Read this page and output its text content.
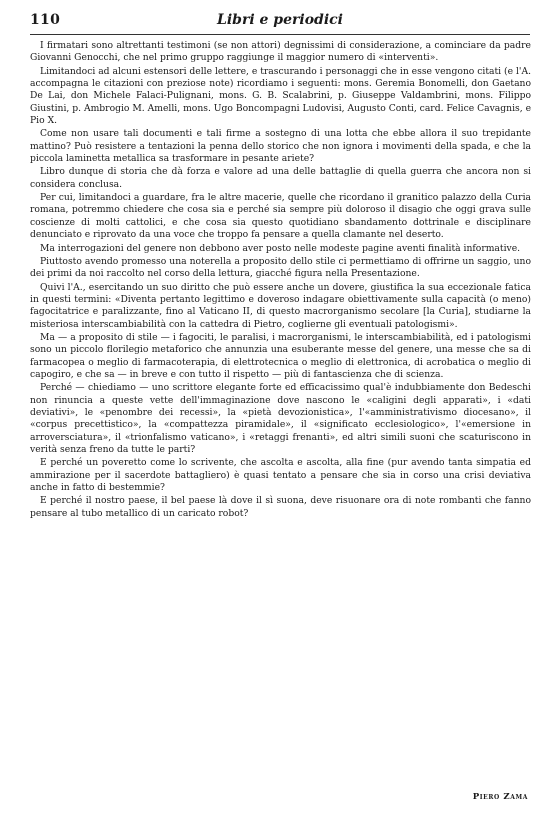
110	Libri e periodici

I firmatari sono altrettanti testimoni (se non attori) degnissimi di considerazione, a cominciare da padre Giovanni Genocchi, che nel primo gruppo raggiunge il maggior numero di «interventi».

Limitandoci ad alcuni estensori delle lettere, e trascurando i personaggi che in esse vengono citati (e l'A. accompagna le citazioni con preziose note) ricordiamo i seguenti: mons. Geremia Bonomelli, don Gaetano De Lai, don Michele Falaci-Pulignani, mons. G. B. Scalabrini, p. Giuseppe Valdambrini, mons. Filippo Giustini, p. Ambrogio M. Amelli, mons. Ugo Boncompagni Ludovisi, Augusto Conti, card. Felice Cavagnis, e Pio X.

Come non usare tali documenti e tali firme a sostegno di una lotta che ebbe allora il suo trepidante mattino? Può resistere a tentazioni la penna dello storico che non ignora i movimenti della spada, e che la piccola laminetta metallica sa trasformare in pesante ariete?

Libro dunque di storia che dà forza e valore ad una delle battaglie di quella guerra che ancora non si considera conclusa.

Per cui, limitandoci a guardare, fra le altre macerie, quelle che ricordano il granitico palazzo della Curia romana, potremmo chiedere che cosa sia e perché sia sempre più doloroso il disagio che oggi grava sulle coscienze di molti cattolici, e che cosa sia questo quotidiano sbandamento dottrinale e disciplinare denunciato e riprovato da una voce che troppo fa pensare a quella clamante nel deserto.

Ma interrogazioni del genere non debbono aver posto nelle modeste pagine aventi finalità informative.

Piuttosto avendo promesso una noterella a proposito dello stile ci permettiamo di offrirne un saggio, uno dei primi da noi raccolto nel corso della lettura, giacché figura nella Presentazione.

Quivi l'A., esercitando un suo diritto che può essere anche un dovere, giustifica la sua eccezionale fatica in questi termini: «Diventa pertanto legittimo e doveroso indagare obiettivamente sulla capacità (o meno) fagocitatrice e paralizzante, fino al Vaticano II, di questo macrorganismo secolare [la Curia], studiarne la misteriosa interscambiabilità con la cattedra di Pietro, coglierne gli eventuali patologismi».

Ma — a proposito di stile — i fagociti, le paralisi, i macrorganismi, le interscambiabilità, ed i patologismi sono un piccolo florilegio metaforico che annunzia una esuberante messe del genere, una messe che sa di farmacopea o meglio di farmacoterapia, di elettrotecnica o meglio di elettronica, di acrobatica o meglio di capogiro, e che sa — in breve e con tutto il rispetto — più di fantascienza che di scienza.

Perché — chiediamo — uno scrittore elegante forte ed efficacissimo qual'è indubbiamente don Bedeschi non rinuncia a queste vette dell'immaginazione dove nascono le «caligini degli apparati», i «dati deviativi», le «penombre dei recessi», la «pietà devozionistica», l'«amministrativismo diocesano», il «corpus precettistico», la «compattezza piramidale», il «significato ecclesiologico», l'«emersione in arroversciatura», il «trionfalismo vaticano», i «retaggi frenanti», ed altri simili suoni che scaturiscono in verità senza freno da tutte le parti?

E perché un poveretto come lo scrivente, che ascolta e ascolta, alla fine (pur avendo tanta simpatia ed ammirazione per il sacerdote battagliero) è quasi tentato a pensare che sia in corso una crisi deviativa anche in fatto di bestemmie?

E perché il nostro paese, il bel paese là dove il sì suona, deve risuonare ora di note rombanti che fanno pensare al tubo metallico di un caricato robot?

Piero Zama
